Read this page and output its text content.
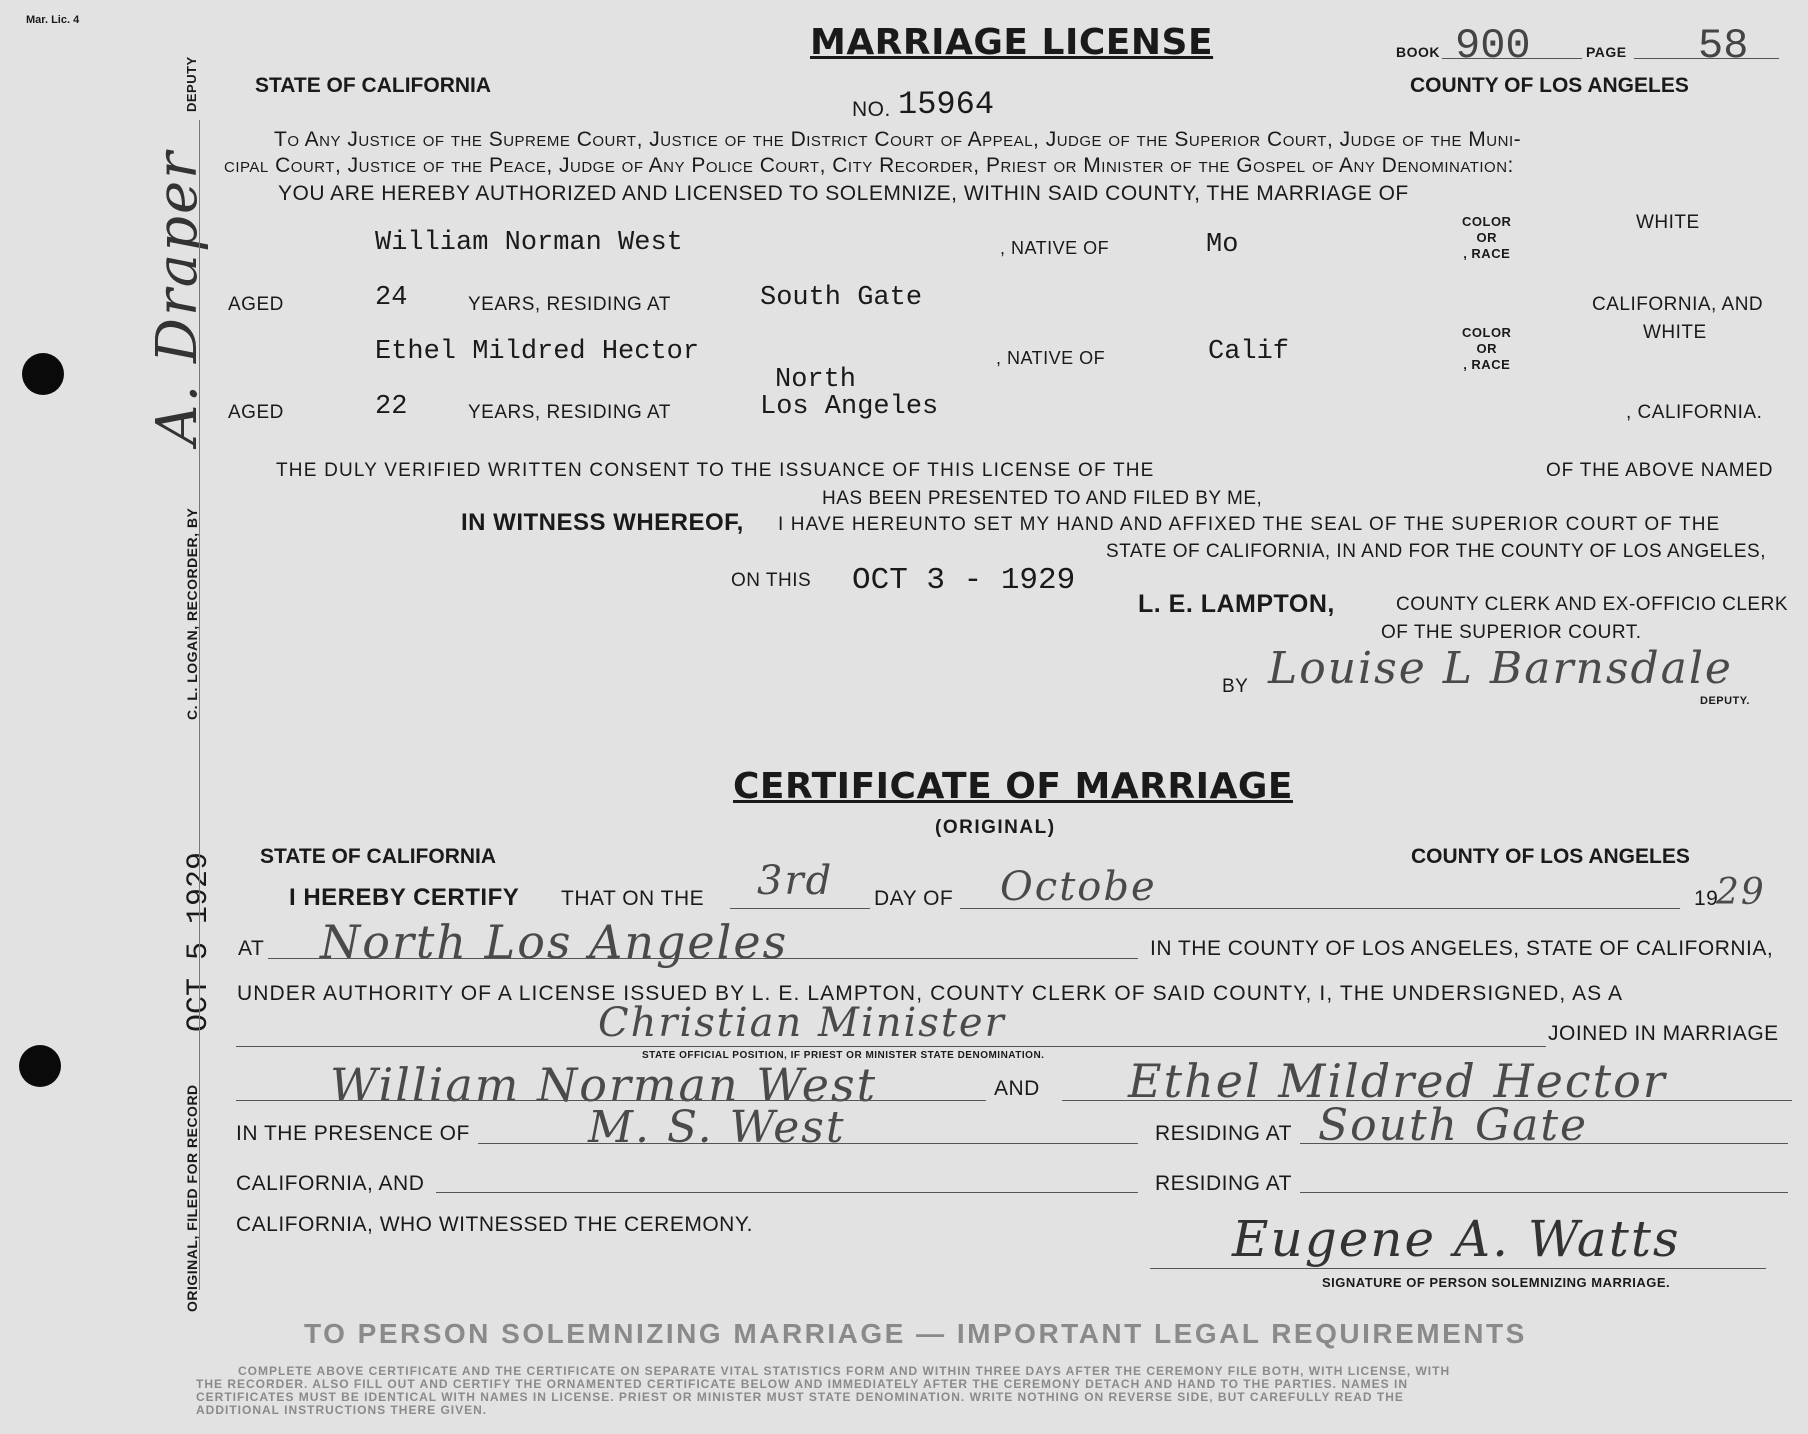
Mar. Lic. 4
DEPUTY
A. Draper
C. L. LOGAN, RECORDER, BY
ORIGINAL, FILED FOR RECORD
OCT 5 1929
MARRIAGE LICENSE	BOOK 900	PAGE 58
STATE OF CALIFORNIA	COUNTY OF LOS ANGELES
NO. 15964
To Any Justice of the Supreme Court, Justice of the District Court of Appeal, Judge of the Superior Court, Judge of the Muni-
cipal Court, Justice of the Peace, Judge of Any Police Court, City Recorder, Priest or Minister of the Gospel of Any Denomination:
YOU ARE HEREBY AUTHORIZED AND LICENSED TO SOLEMNIZE, WITHIN SAID COUNTY, THE MARRIAGE OF
William Norman West	, NATIVE OF	Mo
COLOR
OR
, RACE
WHITE
AGED	24	YEARS, RESIDING AT	South Gate	CALIFORNIA, AND
Ethel Mildred Hector	, NATIVE OF	Calif
COLOR
OR
, RACE
WHITE
North
AGED	22	YEARS, RESIDING AT	Los Angeles	, CALIFORNIA.
THE DULY VERIFIED WRITTEN CONSENT TO THE ISSUANCE OF THIS LICENSE OF THE	OF THE ABOVE NAMED
HAS BEEN PRESENTED TO AND FILED BY ME,
IN WITNESS WHEREOF, I HAVE HEREUNTO SET MY HAND AND AFFIXED THE SEAL OF THE SUPERIOR COURT OF THE
STATE OF CALIFORNIA, IN AND FOR THE COUNTY OF LOS ANGELES,
ON THIS OCT 3 - 1929
L. E. LAMPTON,	COUNTY CLERK AND EX-OFFICIO CLERK
OF THE SUPERIOR COURT.
BY Louise L Barnsdale
DEPUTY.
CERTIFICATE OF MARRIAGE
(ORIGINAL)
STATE OF CALIFORNIA	COUNTY OF LOS ANGELES
I HEREBY CERTIFY THAT ON THE 3rd DAY OF Octobe	19
29
AT North Los Angeles	IN THE COUNTY OF LOS ANGELES, STATE OF CALIFORNIA,
UNDER AUTHORITY OF A LICENSE ISSUED BY L. E. LAMPTON, COUNTY CLERK OF SAID COUNTY, I, THE UNDERSIGNED, AS A
Christian Minister	JOINED IN MARRIAGE
STATE OFFICIAL POSITION, IF PRIEST OR MINISTER STATE DENOMINATION.
William Norman West	AND Ethel Mildred Hector
IN THE PRESENCE OF	M. S. West	RESIDING AT South Gate
CALIFORNIA, AND	RESIDING AT
CALIFORNIA, WHO WITNESSED THE CEREMONY.	Eugene A. Watts
SIGNATURE OF PERSON SOLEMNIZING MARRIAGE.
TO PERSON SOLEMNIZING MARRIAGE — IMPORTANT LEGAL REQUIREMENTS
COMPLETE ABOVE CERTIFICATE AND THE CERTIFICATE ON SEPARATE VITAL STATISTICS FORM AND WITHIN THREE DAYS AFTER THE CEREMONY FILE BOTH, WITH LICENSE, WITH
THE RECORDER. ALSO FILL OUT AND CERTIFY THE ORNAMENTED CERTIFICATE BELOW AND IMMEDIATELY AFTER THE CEREMONY DETACH AND HAND TO THE PARTIES. NAMES IN
CERTIFICATES MUST BE IDENTICAL WITH NAMES IN LICENSE. PRIEST OR MINISTER MUST STATE DENOMINATION. WRITE NOTHING ON REVERSE SIDE, BUT CAREFULLY READ THE
ADDITIONAL INSTRUCTIONS THERE GIVEN.
